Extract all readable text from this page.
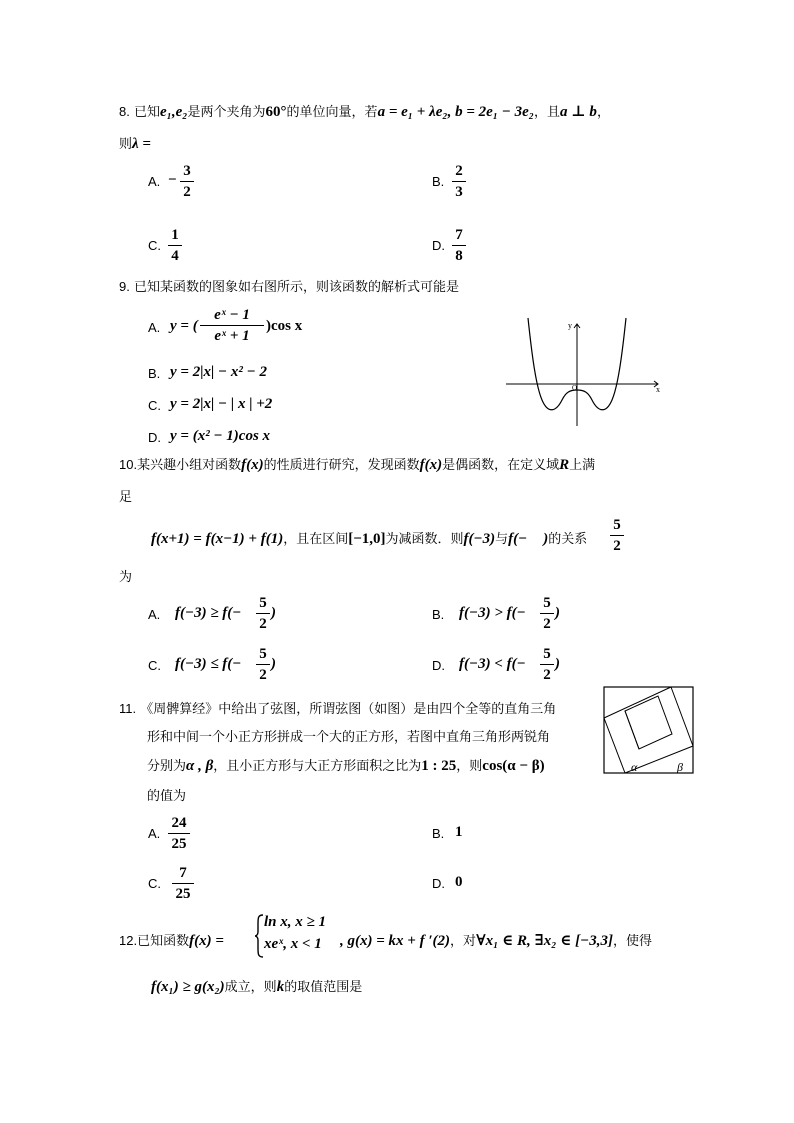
8. 已知e₁,e₂是两个夹角为60°的单位向量，若a = e₁ + λe₂, b = 2e₁ − 3e₂，且a ⊥ b，
则λ =
A. −
3
2
B.
2
3
C.
1
4
D.
7
8
9. 已知某函数的图象如右图所示，则该函数的解析式可能是
A. y = (
eˣ − 1
eˣ + 1
)cos x
B. y = 2|x| − x² − 2
C. y = 2|x| − | x | +2
D. y = (x² − 1)cos x
y
x
O
10.某兴趣小组对函数f(x)的性质进行研究，发现函数f(x)是偶函数，在定义域R上满
足
f(x+1) = f(x−1) + f(1)，且在区间[−1,0]为减函数．则f(−3)与f(− )的关系
5
2
为
A. f(−3) ≥ f(−
5
2
)	B. f(−3) > f(−
5
2
)
C. f(−3) ≤ f(−
5
2
)	D. f(−3) < f(−
5
2
)
11. 《周髀算经》中给出了弦图，所谓弦图（如图）是由四个全等的直角三角
形和中间一个小正方形拼成一个大的正方形，若图中直角三角形两锐角
分别为α , β，且小正方形与大正方形面积之比为1 : 25，则cos(α − β)
的值为
α	β
A.
24
25
B. 1
C.
7
25
D. 0
12.已知函数f(x) =
ln x, x ≥ 1
xeˣ, x < 1 , g(x) = kx + f ′(2)，对∀x₁ ∈ R, ∃x₂ ∈ [−3,3]，使得
f(x₁) ≥ g(x₂)成立，则k的取值范围是
